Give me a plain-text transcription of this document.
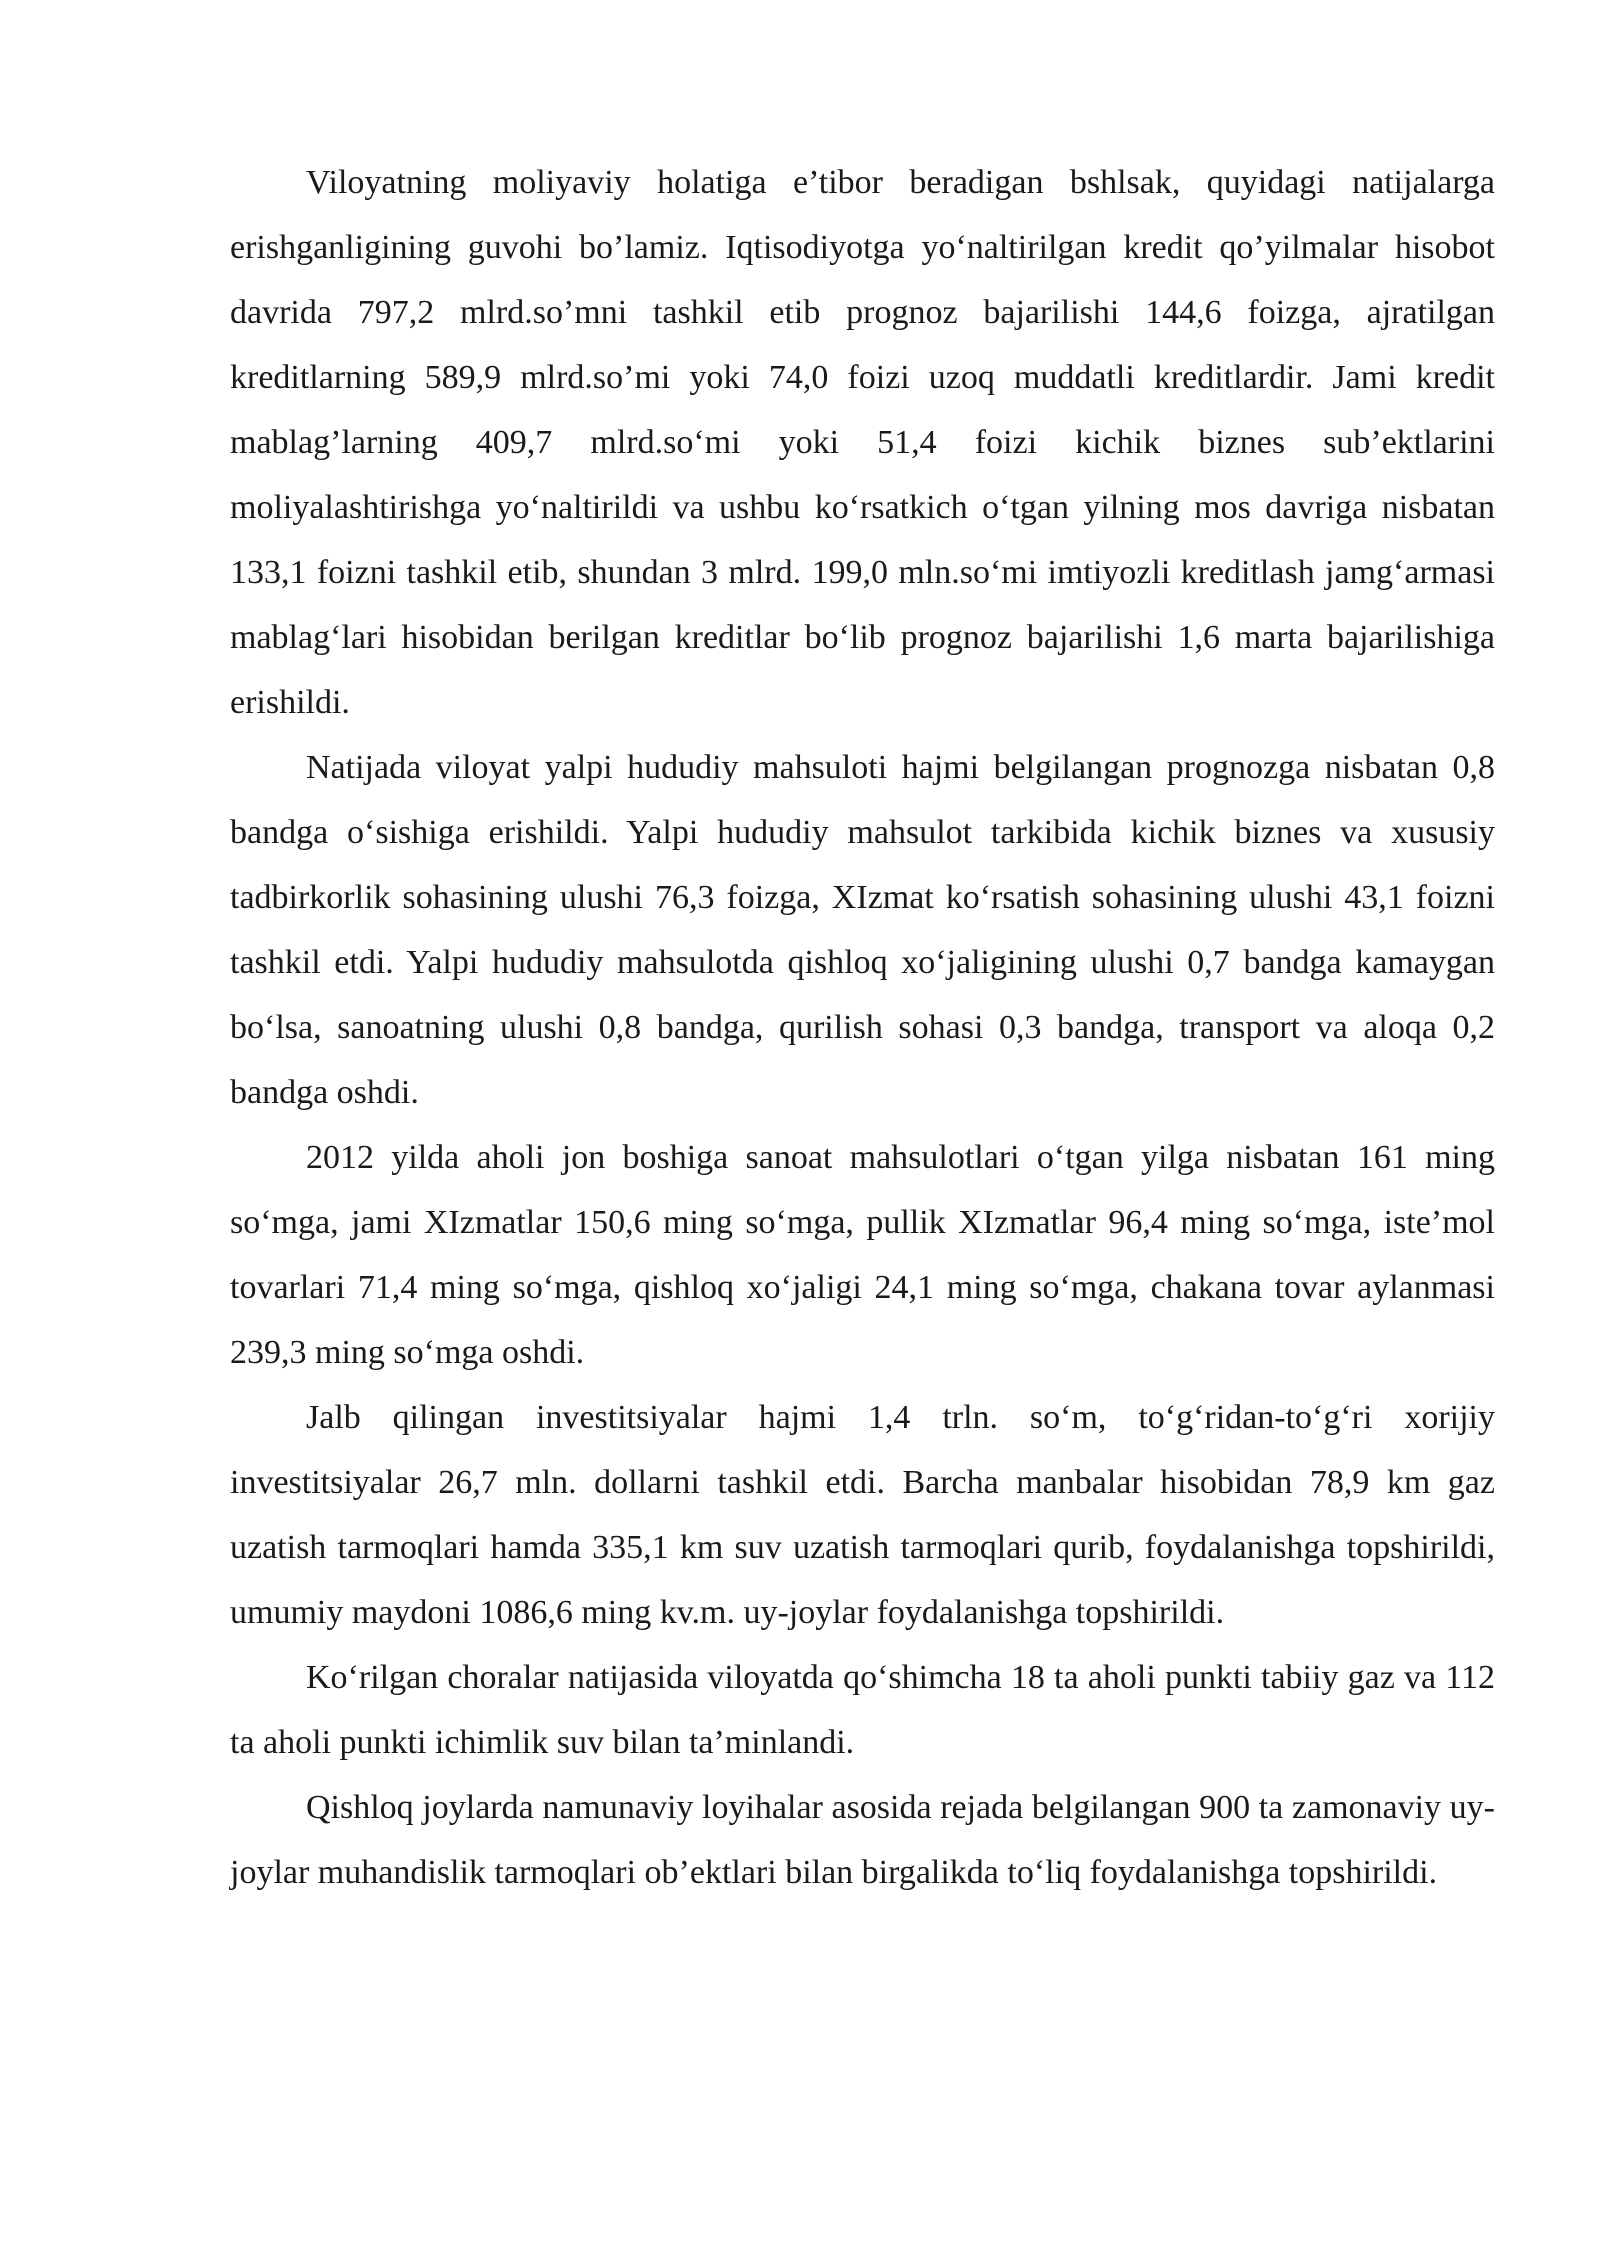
Viloyatning moliyaviy holatiga e’tibor beradigan bshlsak, quyidagi natijalarga erishganligining guvohi bo’lamiz. Iqtisodiyotga yo‘naltirilgan kredit qo’yilmalar hisobot davrida 797,2 mlrd.so’mni tashkil etib prognoz bajarilishi 144,6 foizga, ajratilgan kreditlarning 589,9 mlrd.so’mi yoki 74,0 foizi uzoq muddatli kreditlardir. Jami kredit mablag’larning 409,7 mlrd.so‘mi yoki 51,4 foizi kichik biznes sub’ektlarini moliyalashtirishga yo‘naltirildi va ushbu ko‘rsatkich o‘tgan yilning mos davriga nisbatan 133,1 foizni tashkil etib, shundan 3 mlrd. 199,0 mln.so‘mi imtiyozli kreditlash jamg‘armasi mablag‘lari hisobidan berilgan kreditlar bo‘lib prognoz bajarilishi 1,6 marta bajarilishiga erishildi.

Natijada viloyat yalpi hududiy mahsuloti hajmi belgilangan prognozga nisbatan 0,8 bandga o‘sishiga erishildi. Yalpi hududiy mahsulot tarkibida kichik biznes va xususiy tadbirkorlik sohasining ulushi 76,3 foizga, XIzmat ko‘rsatish sohasining ulushi 43,1 foizni tashkil etdi. Yalpi hududiy mahsulotda qishloq xo‘jaligining ulushi 0,7 bandga kamaygan bo‘lsa, sanoatning ulushi 0,8 bandga, qurilish sohasi 0,3 bandga, transport va aloqa 0,2 bandga oshdi.

2012 yilda aholi jon boshiga sanoat mahsulotlari o‘tgan yilga nisbatan 161 ming so‘mga, jami XIzmatlar 150,6 ming so‘mga, pullik XIzmatlar 96,4 ming so‘mga, iste’mol tovarlari 71,4 ming so‘mga, qishloq xo‘jaligi 24,1 ming so‘mga, chakana tovar aylanmasi 239,3 ming so‘mga oshdi.

Jalb qilingan investitsiyalar hajmi 1,4 trln. so‘m, to‘g‘ridan-to‘g‘ri xorijiy investitsiyalar 26,7 mln. dollarni tashkil etdi. Barcha manbalar hisobidan 78,9 km gaz uzatish tarmoqlari hamda 335,1 km suv uzatish tarmoqlari qurib, foydalanishga topshirildi, umumiy maydoni 1086,6 ming kv.m. uy-joylar foydalanishga topshirildi.

Ko‘rilgan choralar natijasida viloyatda qo‘shimcha 18 ta aholi punkti tabiiy gaz va 112 ta aholi punkti ichimlik suv bilan ta’minlandi.

Qishloq joylarda namunaviy loyihalar asosida rejada belgilangan 900 ta zamonaviy uy-joylar muhandislik tarmoqlari ob’ektlari bilan birgalikda to‘liq foydalanishga topshirildi.
